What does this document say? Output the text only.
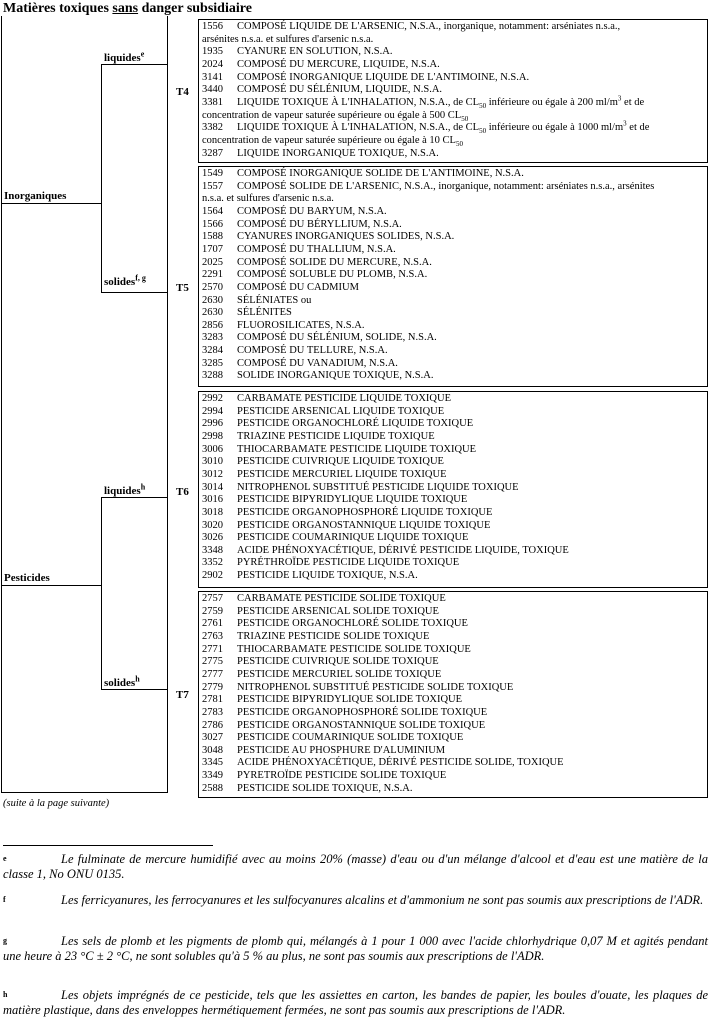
Matières toxiques sans danger subsidiaire
Inorganiques
Pesticides
liquides$^e$
solides$^{f, g}$
liquides$^h$
solides$^h$
T4
T5
T6
T7
1556 COMPOSÉ LIQUIDE DE L'ARSENIC, N.S.A., inorganique, notamment: arséniates n.s.a.,
arsénites n.s.a. et sulfures d'arsenic n.s.a.
1935 CYANURE EN SOLUTION, N.S.A.
2024 COMPOSÉ DU MERCURE, LIQUIDE, N.S.A.
3141 COMPOSÉ INORGANIQUE LIQUIDE DE L'ANTIMOINE, N.S.A.
3440 COMPOSÉ DU SÉLÉNIUM, LIQUIDE, N.S.A.
3381 LIQUIDE TOXIQUE À L'INHALATION, N.S.A., de $CL_{50}$ inférieure ou égale à 200 $ml/m^3$ et de
concentration de vapeur saturée supérieure ou égale à 500 $CL_{50}$
3382 LIQUIDE TOXIQUE À L'INHALATION, N.S.A., de $CL_{50}$ inférieure ou égale à 1000 $ml/m^3$ et de
concentration de vapeur saturée supérieure ou égale à 10 $CL_{50}$
3287 LIQUIDE INORGANIQUE TOXIQUE, N.S.A.
1549 COMPOSÉ INORGANIQUE SOLIDE DE L'ANTIMOINE, N.S.A.
1557 COMPOSÉ SOLIDE DE L'ARSENIC, N.S.A., inorganique, notamment: arséniates n.s.a., arsénites
n.s.a. et sulfures d'arsenic n.s.a.
1564 COMPOSÉ DU BARYUM, N.S.A.
1566 COMPOSÉ DU BÉRYLLIUM, N.S.A.
1588 CYANURES INORGANIQUES SOLIDES, N.S.A.
1707 COMPOSÉ DU THALLIUM, N.S.A.
2025 COMPOSÉ SOLIDE DU MERCURE, N.S.A.
2291 COMPOSÉ SOLUBLE DU PLOMB, N.S.A.
2570 COMPOSÉ DU CADMIUM
2630 SÉLÉNIATES ou
2630 SÉLÉNITES
2856 FLUOROSILICATES, N.S.A.
3283 COMPOSÉ DU SÉLÉNIUM, SOLIDE, N.S.A.
3284 COMPOSÉ DU TELLURE, N.S.A.
3285 COMPOSÉ DU VANADIUM, N.S.A.
3288 SOLIDE INORGANIQUE TOXIQUE, N.S.A.
2992 CARBAMATE PESTICIDE LIQUIDE TOXIQUE
2994 PESTICIDE ARSENICAL LIQUIDE TOXIQUE
2996 PESTICIDE ORGANOCHLORÉ LIQUIDE TOXIQUE
2998 TRIAZINE PESTICIDE LIQUIDE TOXIQUE
3006 THIOCARBAMATE PESTICIDE LIQUIDE TOXIQUE
3010 PESTICIDE CUIVRIQUE LIQUIDE TOXIQUE
3012 PESTICIDE MERCURIEL LIQUIDE TOXIQUE
3014 NITROPHENOL SUBSTITUÉ PESTICIDE LIQUIDE TOXIQUE
3016 PESTICIDE BIPYRIDYLIQUE LIQUIDE TOXIQUE
3018 PESTICIDE ORGANOPHOSPHORÉ LIQUIDE TOXIQUE
3020 PESTICIDE ORGANOSTANNIQUE LIQUIDE TOXIQUE
3026 PESTICIDE COUMARINIQUE LIQUIDE TOXIQUE
3348 ACIDE PHÉNOXYACÉTIQUE, DÉRIVÉ PESTICIDE LIQUIDE, TOXIQUE
3352 PYRÉTHROÏDE PESTICIDE LIQUIDE TOXIQUE
2902 PESTICIDE LIQUIDE TOXIQUE, N.S.A.
2757 CARBAMATE PESTICIDE SOLIDE TOXIQUE
2759 PESTICIDE ARSENICAL SOLIDE TOXIQUE
2761 PESTICIDE ORGANOCHLORÉ SOLIDE TOXIQUE
2763 TRIAZINE PESTICIDE SOLIDE TOXIQUE
2771 THIOCARBAMATE PESTICIDE SOLIDE TOXIQUE
2775 PESTICIDE CUIVRIQUE SOLIDE TOXIQUE
2777 PESTICIDE MERCURIEL SOLIDE TOXIQUE
2779 NITROPHENOL SUBSTITUÉ PESTICIDE SOLIDE TOXIQUE
2781 PESTICIDE BIPYRIDYLIQUE SOLIDE TOXIQUE
2783 PESTICIDE ORGANOPHOSPHORÉ SOLIDE TOXIQUE
2786 PESTICIDE ORGANOSTANNIQUE SOLIDE TOXIQUE
3027 PESTICIDE COUMARINIQUE SOLIDE TOXIQUE
3048 PESTICIDE AU PHOSPHURE D'ALUMINIUM
3345 ACIDE PHÉNOXYACÉTIQUE, DÉRIVÉ PESTICIDE SOLIDE, TOXIQUE
3349 PYRETROÏDE PESTICIDE SOLIDE TOXIQUE
2588 PESTICIDE SOLIDE TOXIQUE, N.S.A.
(suite à la page suivante)
e	Le fulminate de mercure humidifié avec au moins 20% (masse) d'eau ou d'un mélange d'alcool et d'eau est une matière de la classe 1, No ONU 0135.
f	Les ferricyanures, les ferrocyanures et les sulfocyanures alcalins et d'ammonium ne sont pas soumis aux prescriptions de l'ADR.
g	Les sels de plomb et les pigments de plomb qui, mélangés à 1 pour 1 000 avec l'acide chlorhydrique 0,07 M et agités pendant une heure à 23 °C ± 2 °C, ne sont solubles qu'à 5 % au plus, ne sont pas soumis aux prescriptions de l'ADR.
h	Les objets imprégnés de ce pesticide, tels que les assiettes en carton, les bandes de papier, les boules d'ouate, les plaques de matière plastique, dans des enveloppes hermétiquement fermées, ne sont pas soumis aux prescriptions de l'ADR.
